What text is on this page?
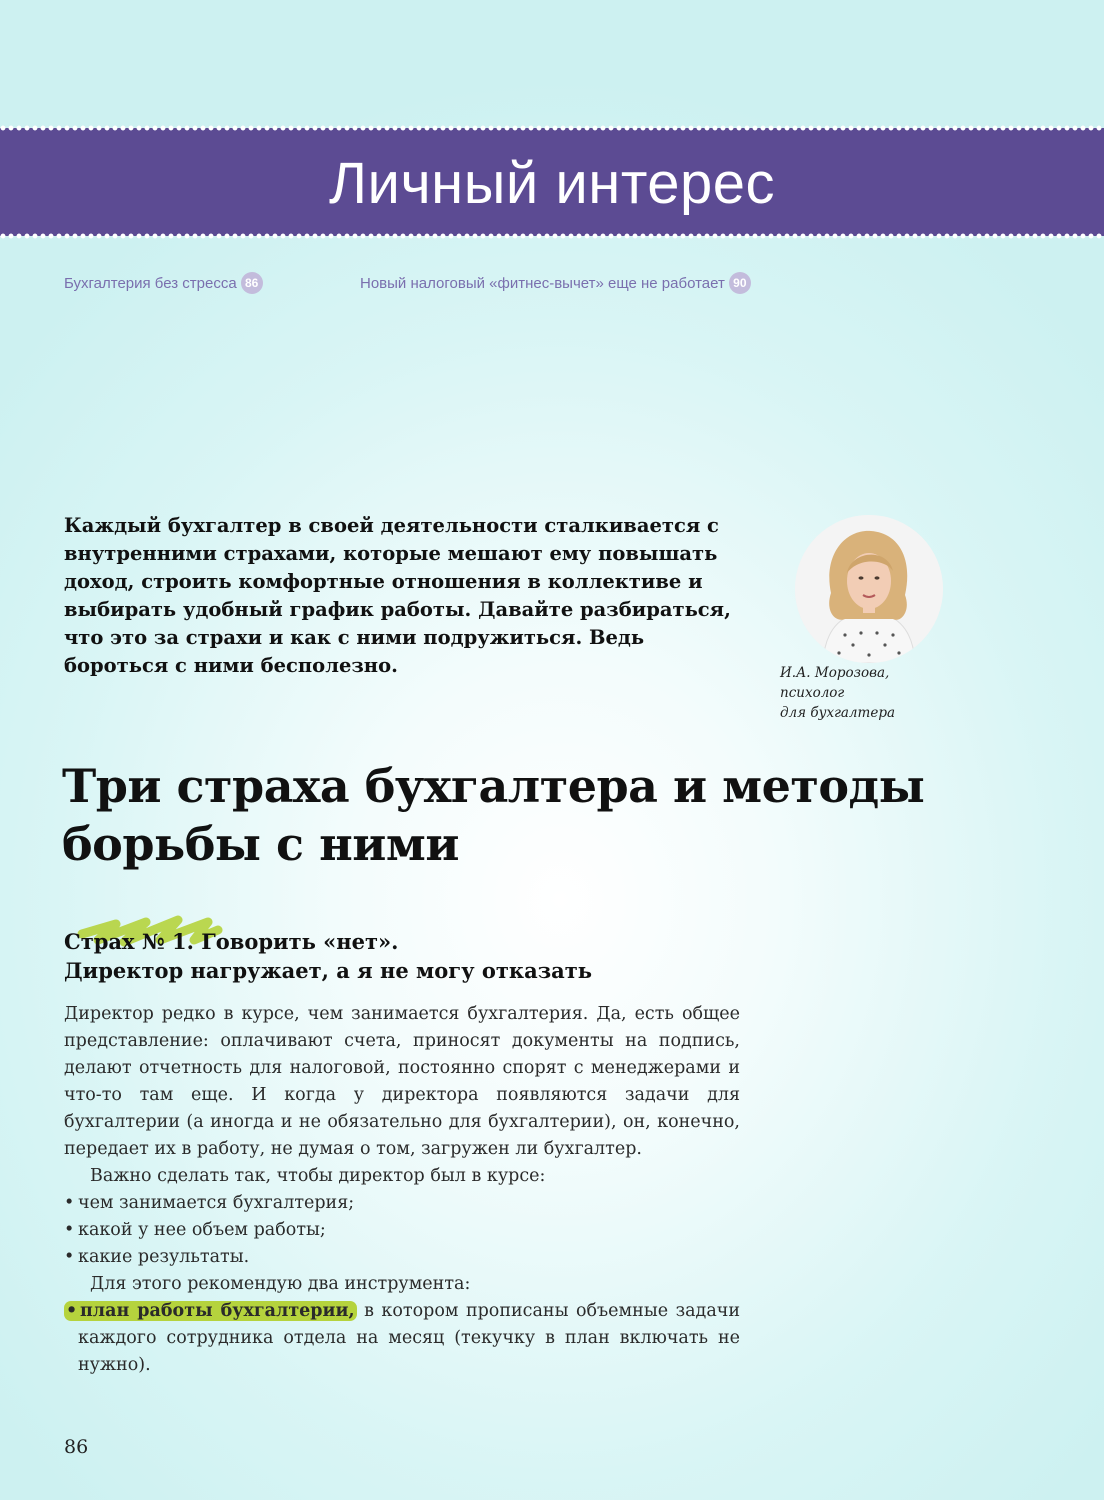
Личный интерес
Бухгалтерия без стресса 86	Новый налоговый «фитнес-вычет» еще не работает 90
Каждый бухгалтер в своей деятельности сталкивается с внутренними страхами, которые мешают ему повышать доход, строить комфортные отношения в коллективе и выбирать удобный график работы. Давайте разбираться, что это за страхи и как с ними подружиться. Ведь бороться с ними бесполезно.	И.А. Морозова,
психолог
для бухгалтера
Три страха бухгалтера и методы борьбы с ними
Страх № 1. Говорить «нет».
Директор нагружает, а я не могу отказать

Директор редко в курсе, чем занимается бухгалтерия. Да, есть общее представление: оплачивают счета, приносят документы на подпись, делают отчетность для налоговой, постоянно спорят с менеджерами и что-то там еще. И когда у директора появляются задачи для бухгалтерии (а иногда и не обязательно для бухгалтерии), он, конечно, передает их в работу, не думая о том, загружен ли бухгалтер.

Важно сделать так, чтобы директор был в курсе:

• чем занимается бухгалтерия;
• какой у нее объем работы;
• какие результаты.

Для этого рекомендую два инструмента:

• план работы бухгалтерии, в котором прописаны объемные задачи каждого сотрудника отдела на месяц (текучку в план включать не нужно).
86
